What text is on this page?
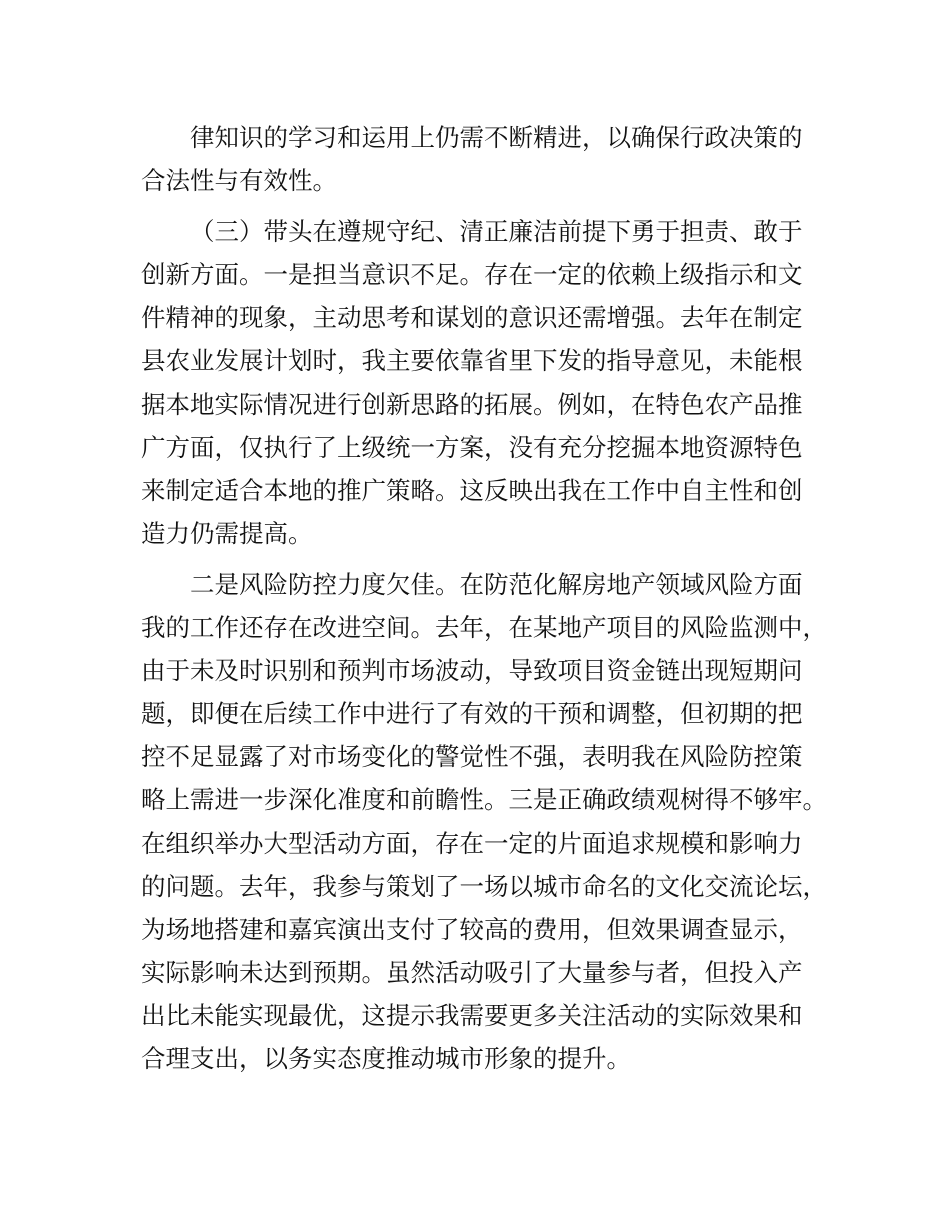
律知识的学习和运用上仍需不断精进，以确保行政决策的
合法性与有效性。
（三）带头在遵规守纪、清正廉洁前提下勇于担责、敢于
创新方面。一是担当意识不足。存在一定的依赖上级指示和文
件精神的现象，主动思考和谋划的意识还需增强。去年在制定
县农业发展计划时，我主要依靠省里下发的指导意见，未能根
据本地实际情况进行创新思路的拓展。例如，在特色农产品推
广方面，仅执行了上级统一方案，没有充分挖掘本地资源特色
来制定适合本地的推广策略。这反映出我在工作中自主性和创
造力仍需提高。
二是风险防控力度欠佳。在防范化解房地产领域风险方面
我的工作还存在改进空间。去年，在某地产项目的风险监测中，
由于未及时识别和预判市场波动，导致项目资金链出现短期问
题，即便在后续工作中进行了有效的干预和调整，但初期的把
控不足显露了对市场变化的警觉性不强，表明我在风险防控策
略上需进一步深化准度和前瞻性。三是正确政绩观树得不够牢。
在组织举办大型活动方面，存在一定的片面追求规模和影响力
的问题。去年，我参与策划了一场以城市命名的文化交流论坛，
为场地搭建和嘉宾演出支付了较高的费用，但效果调查显示，
实际影响未达到预期。虽然活动吸引了大量参与者，但投入产
出比未能实现最优，这提示我需要更多关注活动的实际效果和
合理支出，以务实态度推动城市形象的提升。
